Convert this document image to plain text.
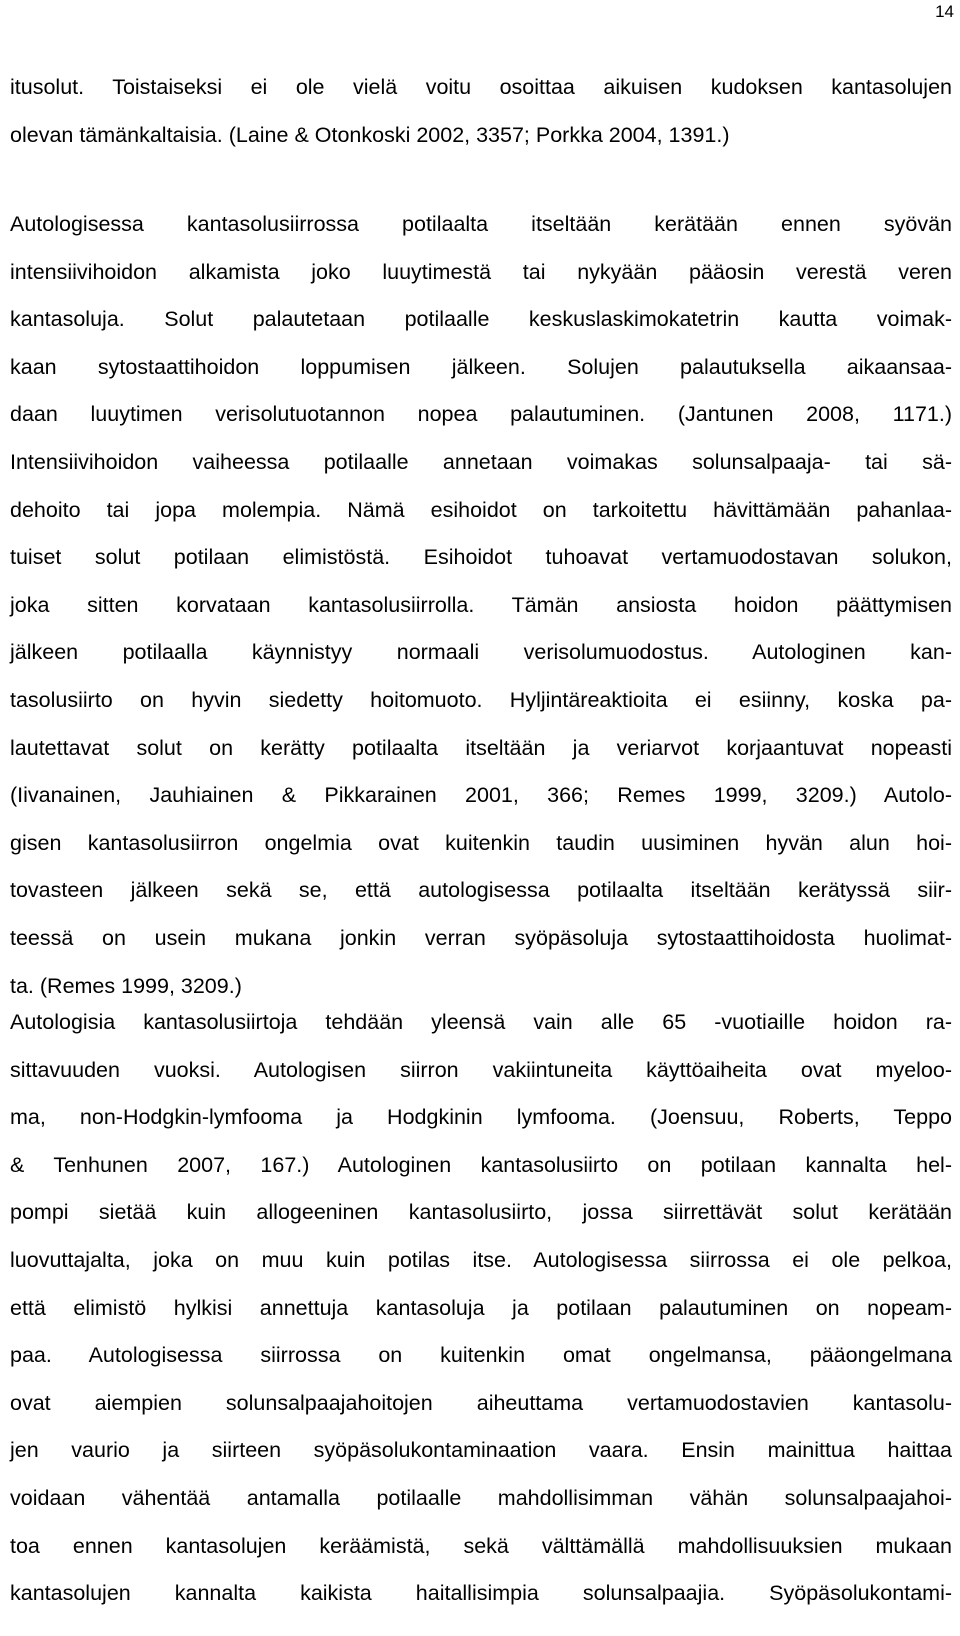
14
itusolut. Toistaiseksi ei ole vielä voitu osoittaa aikuisen kudoksen kantasolujen
olevan tämänkaltaisia. (Laine & Otonkoski 2002, 3357; Porkka 2004, 1391.)
Autologisessa kantasolusiirrossa potilaalta itseltään kerätään ennen syövän
intensiivihoidon alkamista joko luuytimestä tai nykyään pääosin verestä veren
kantasoluja. Solut palautetaan potilaalle keskuslaskimokatetrin kautta voimak-
kaan sytostaattihoidon loppumisen jälkeen. Solujen palautuksella aikaansaa-
daan luuytimen verisolutuotannon nopea palautuminen. (Jantunen 2008, 1171.)
Intensiivihoidon vaiheessa potilaalle annetaan voimakas solunsalpaaja- tai sä-
dehoito tai jopa molempia. Nämä esihoidot on tarkoitettu hävittämään pahanlaa-
tuiset solut potilaan elimistöstä. Esihoidot tuhoavat vertamuodostavan solukon,
joka sitten korvataan kantasolusiirrolla. Tämän ansiosta hoidon päättymisen
jälkeen potilaalla käynnistyy normaali verisolumuodostus. Autologinen kan-
tasolusiirto on hyvin siedetty hoitomuoto. Hyljintäreaktioita ei esiinny, koska pa-
lautettavat solut on kerätty potilaalta itseltään ja veriarvot korjaantuvat nopeasti
(Iivanainen, Jauhiainen & Pikkarainen 2001, 366; Remes 1999, 3209.) Autolo-
gisen kantasolusiirron ongelmia ovat kuitenkin taudin uusiminen hyvän alun hoi-
tovasteen jälkeen sekä se, että autologisessa potilaalta itseltään kerätyssä siir-
teessä on usein mukana jonkin verran syöpäsoluja sytostaattihoidosta huolimat-
ta. (Remes 1999, 3209.)
Autologisia kantasolusiirtoja tehdään yleensä vain alle 65 -vuotiaille hoidon ra-
sittavuuden vuoksi. Autologisen siirron vakiintuneita käyttöaiheita ovat myeloo-
ma, non-Hodgkin-lymfooma ja Hodgkinin lymfooma. (Joensuu, Roberts, Teppo
& Tenhunen 2007, 167.) Autologinen kantasolusiirto on potilaan kannalta hel-
pompi sietää kuin allogeeninen kantasolusiirto, jossa siirrettävät solut kerätään
luovuttajalta, joka on muu kuin potilas itse. Autologisessa siirrossa ei ole pelkoa,
että elimistö hylkisi annettuja kantasoluja ja potilaan palautuminen on nopeam-
paa. Autologisessa siirrossa on kuitenkin omat ongelmansa, pääongelmana
ovat aiempien solunsalpaajahoitojen aiheuttama vertamuodostavien kantasolu-
jen vaurio ja siirteen syöpäsolukontaminaation vaara. Ensin mainittua haittaa
voidaan vähentää antamalla potilaalle mahdollisimman vähän solunsalpaajahoi-
toa ennen kantasolujen keräämistä, sekä välttämällä mahdollisuuksien mukaan
kantasolujen kannalta kaikista haitallisimpia solunsalpaajia. Syöpäsolukontami-
